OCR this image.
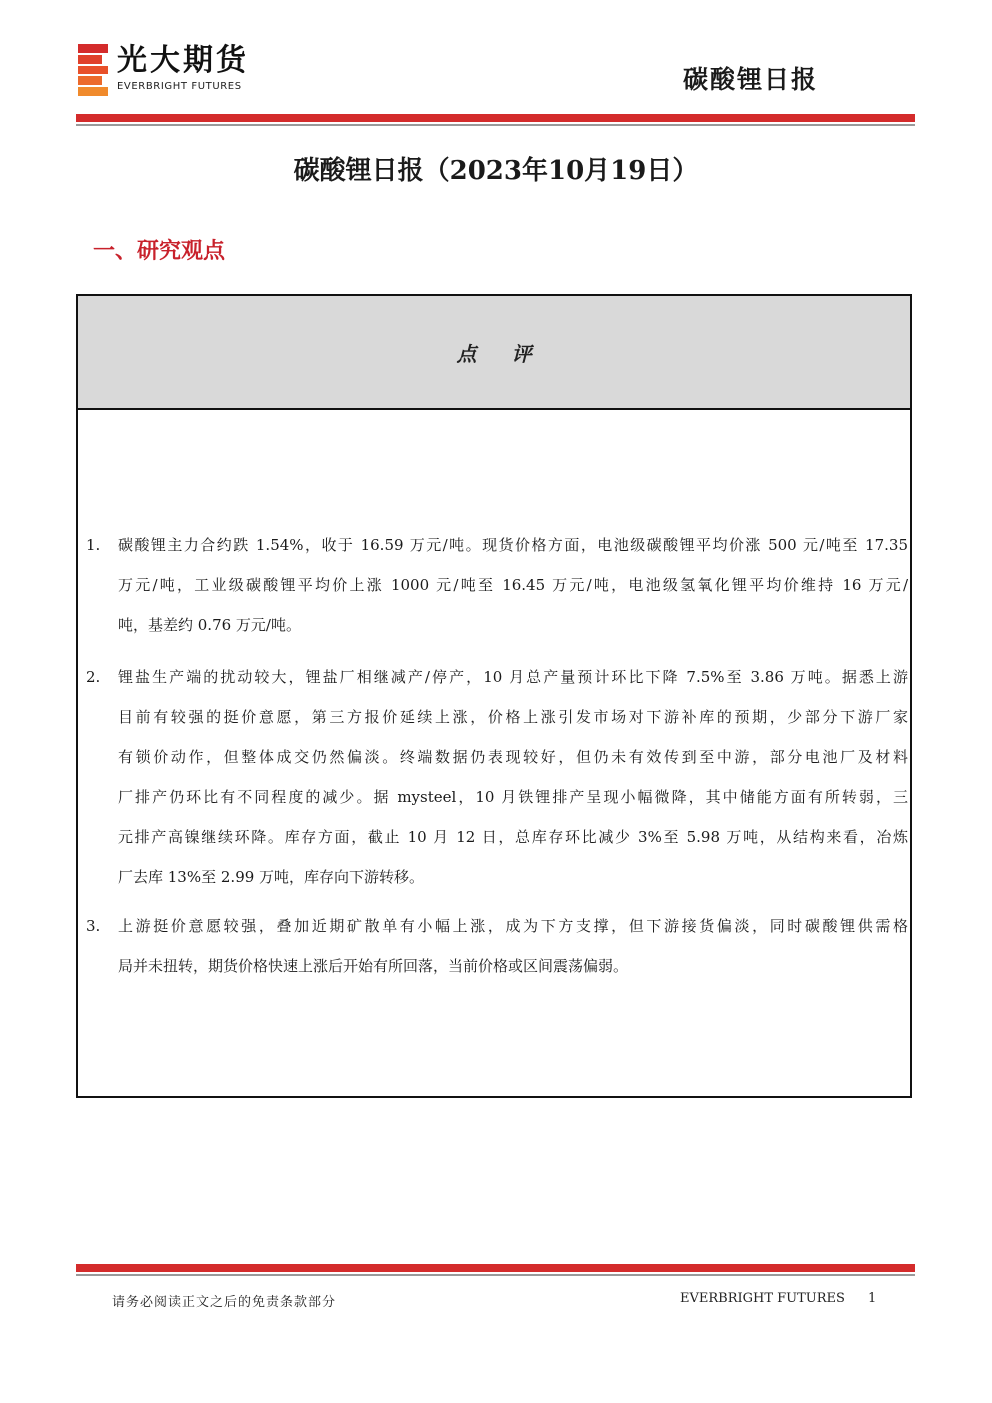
光大期货
EVERBRIGHT FUTURES	碳酸锂日报
碳酸锂日报（2023年10月19日）
一、研究观点
点 评
1.	碳酸锂主力合约跌 1.54%，收于 16.59 万元/吨。现货价格方面，电池级碳酸锂平均价涨 500 元/吨至 17.35
万元/吨，工业级碳酸锂平均价上涨 1000 元/吨至 16.45 万元/吨，电池级氢氧化锂平均价维持 16 万元/
吨，基差约 0.76 万元/吨。
2.	锂盐生产端的扰动较大，锂盐厂相继减产/停产，10 月总产量预计环比下降 7.5%至 3.86 万吨。据悉上游
目前有较强的挺价意愿，第三方报价延续上涨，价格上涨引发市场对下游补库的预期，少部分下游厂家
有锁价动作，但整体成交仍然偏淡。终端数据仍表现较好，但仍未有效传到至中游，部分电池厂及材料
厂排产仍环比有不同程度的减少。据 mysteel，10 月铁锂排产呈现小幅微降，其中储能方面有所转弱，三
元排产高镍继续环降。库存方面，截止 10 月 12 日，总库存环比减少 3%至 5.98 万吨，从结构来看，冶炼
厂去库 13%至 2.99 万吨，库存向下游转移。
3.	上游挺价意愿较强，叠加近期矿散单有小幅上涨，成为下方支撑，但下游接货偏淡，同时碳酸锂供需格
局并未扭转，期货价格快速上涨后开始有所回落，当前价格或区间震荡偏弱。
请务必阅读正文之后的免责条款部分	EVERBRIGHT FUTURES 1
